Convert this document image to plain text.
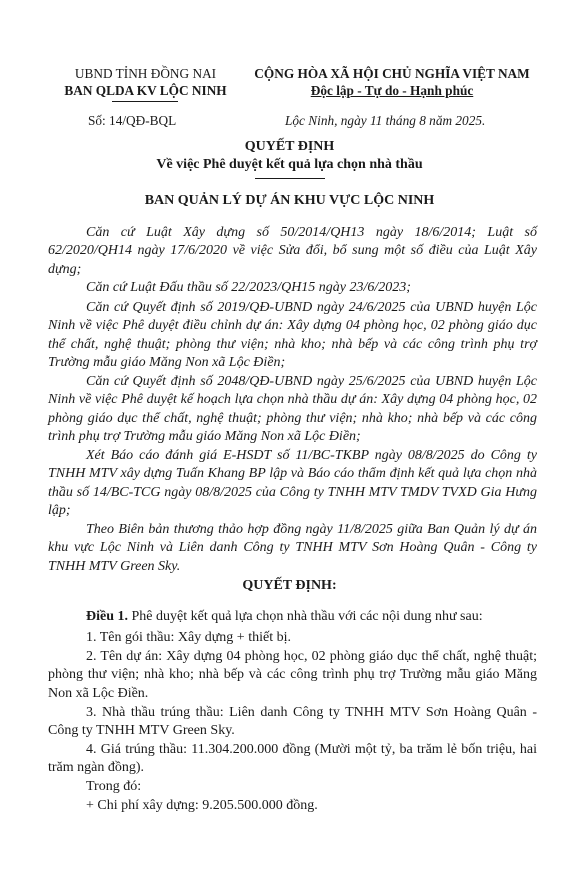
UBND TỈNH ĐỒNG NAI
BAN QLDA KV LỘC NINH
CỘNG HÒA XÃ HỘI CHỦ NGHĨA VIỆT NAM
Độc lập - Tự do - Hạnh phúc
Số: 14/QĐ-BQL	Lộc Ninh, ngày 11 tháng 8 năm 2025.
QUYẾT ĐỊNH
Về việc Phê duyệt kết quả lựa chọn nhà thầu
BAN QUẢN LÝ DỰ ÁN KHU VỰC LỘC NINH
Căn cứ Luật Xây dựng số 50/2014/QH13 ngày 18/6/2014; Luật số 62/2020/QH14 ngày 17/6/2020 về việc Sửa đổi, bổ sung một số điều của Luật Xây dựng;
Căn cứ Luật Đấu thầu số 22/2023/QH15 ngày 23/6/2023;
Căn cứ Quyết định số 2019/QĐ-UBND ngày 24/6/2025 của UBND huyện Lộc Ninh về việc Phê duyệt điều chỉnh dự án: Xây dựng 04 phòng học, 02 phòng giáo dục thể chất, nghệ thuật; phòng thư viện; nhà kho; nhà bếp và các công trình phụ trợ Trường mẫu giáo Măng Non xã Lộc Điền;
Căn cứ Quyết định số 2048/QĐ-UBND ngày 25/6/2025 của UBND huyện Lộc Ninh về việc Phê duyệt kế hoạch lựa chọn nhà thầu dự án: Xây dựng 04 phòng học, 02 phòng giáo dục thể chất, nghệ thuật; phòng thư viện; nhà kho; nhà bếp và các công trình phụ trợ Trường mẫu giáo Măng Non xã Lộc Điền;
Xét Báo cáo đánh giá E-HSDT số 11/BC-TKBP ngày 08/8/2025 do Công ty TNHH MTV xây dựng Tuấn Khang BP lập và Báo cáo thẩm định kết quả lựa chọn nhà thầu số 14/BC-TCG ngày 08/8/2025 của Công ty TNHH MTV TMDV TVXD Gia Hưng lập;
Theo Biên bản thương thảo hợp đồng ngày 11/8/2025 giữa Ban Quản lý dự án khu vực Lộc Ninh và Liên danh Công ty TNHH MTV Sơn Hoàng Quân - Công ty TNHH MTV Green Sky.
QUYẾT ĐỊNH:
Điều 1. Phê duyệt kết quả lựa chọn nhà thầu với các nội dung như sau:
1. Tên gói thầu: Xây dựng + thiết bị.
2. Tên dự án: Xây dựng 04 phòng học, 02 phòng giáo dục thể chất, nghệ thuật; phòng thư viện; nhà kho; nhà bếp và các công trình phụ trợ Trường mẫu giáo Măng Non xã Lộc Điền.
3. Nhà thầu trúng thầu: Liên danh Công ty TNHH MTV Sơn Hoàng Quân - Công ty TNHH MTV Green Sky.
4. Giá trúng thầu: 11.304.200.000 đồng (Mười một tỷ, ba trăm lẻ bốn triệu, hai trăm ngàn đồng).
Trong đó:
+ Chi phí xây dựng: 9.205.500.000 đồng.
